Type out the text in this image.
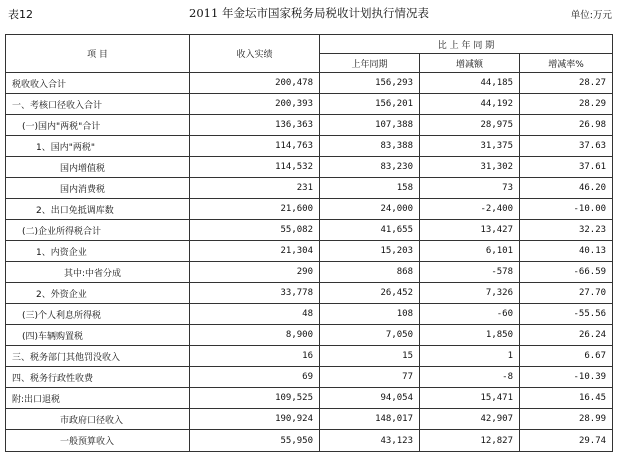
表12	2011 年金坛市国家税务局税收计划执行情况表	单位:万元
项 目	收入实绩	比 上 年 同 期		
		上年同期	增减额	增减率%
税收收入合计	200,478	156,293	44,185	28.27
一、考核口径收入合计	200,393	156,201	44,192	28.29
(一)国内"两税"合计	136,363	107,388	28,975	26.98
1、国内"两税"	114,763	83,388	31,375	37.63
国内增值税	114,532	83,230	31,302	37.61
国内消费税	231	158	73	46.20
2、出口免抵调库数	21,600	24,000	-2,400	-10.00
(二)企业所得税合计	55,082	41,655	13,427	32.23
1、内资企业	21,304	15,203	6,101	40.13
其中:中省分成	290	868	-578	-66.59
2、外资企业	33,778	26,452	7,326	27.70
(三)个人利息所得税	48	108	-60	-55.56
(四)车辆购置税	8,900	7,050	1,850	26.24
三、税务部门其他罚没收入	16	15	1	6.67
四、税务行政性收费	69	77	-8	-10.39
附:出口退税	109,525	94,054	15,471	16.45
市政府口径收入	190,924	148,017	42,907	28.99
一般预算收入	55,950	43,123	12,827	29.74
